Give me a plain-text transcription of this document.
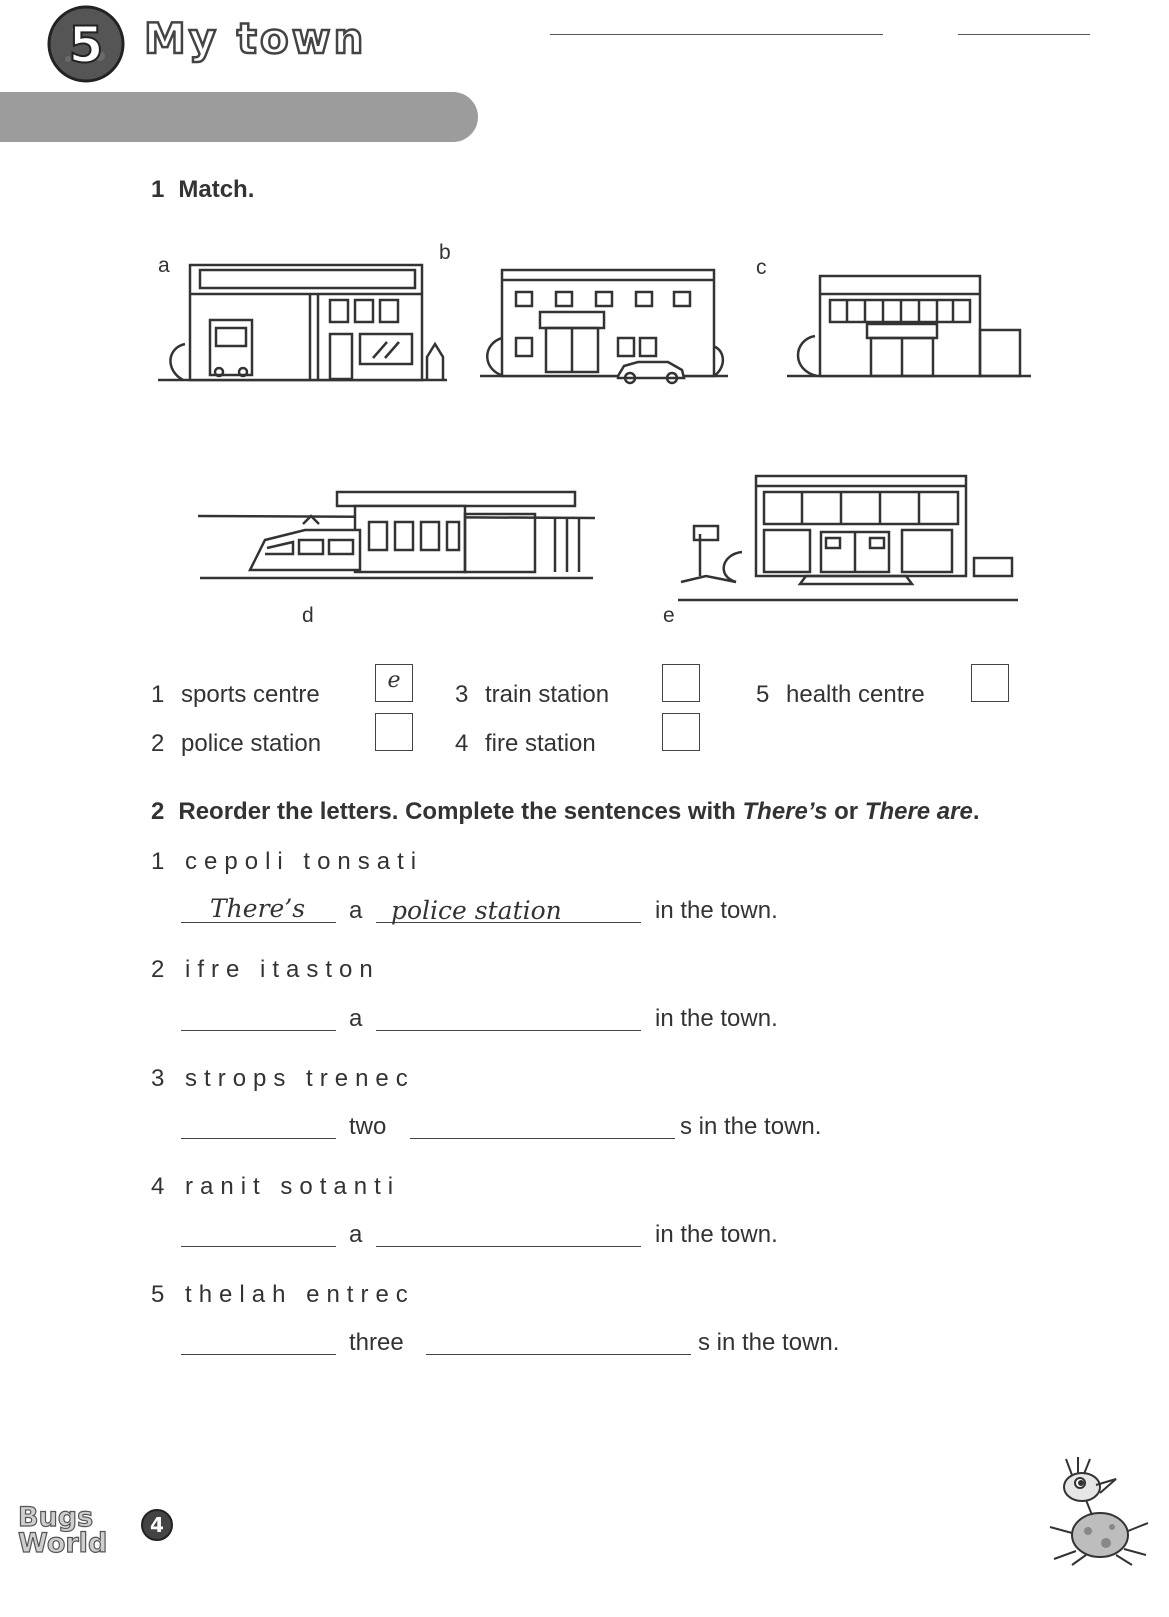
5 My town
1 Match.
a
b
c
d	e
1 sports centre
e
2 police station
3 train station
4 fire station
5 health centre
2 Reorder the letters. Complete the sentences with There’s or There are.
1 cepoli tonsati
There’s a police station	in the town.
2 ifre itaston
a	in the town.
3 strops trenec
two	s in the town.
4 ranit sotanti
a	in the town.
5 thelah entrec
three	s in the town.
Bugs
World
4
